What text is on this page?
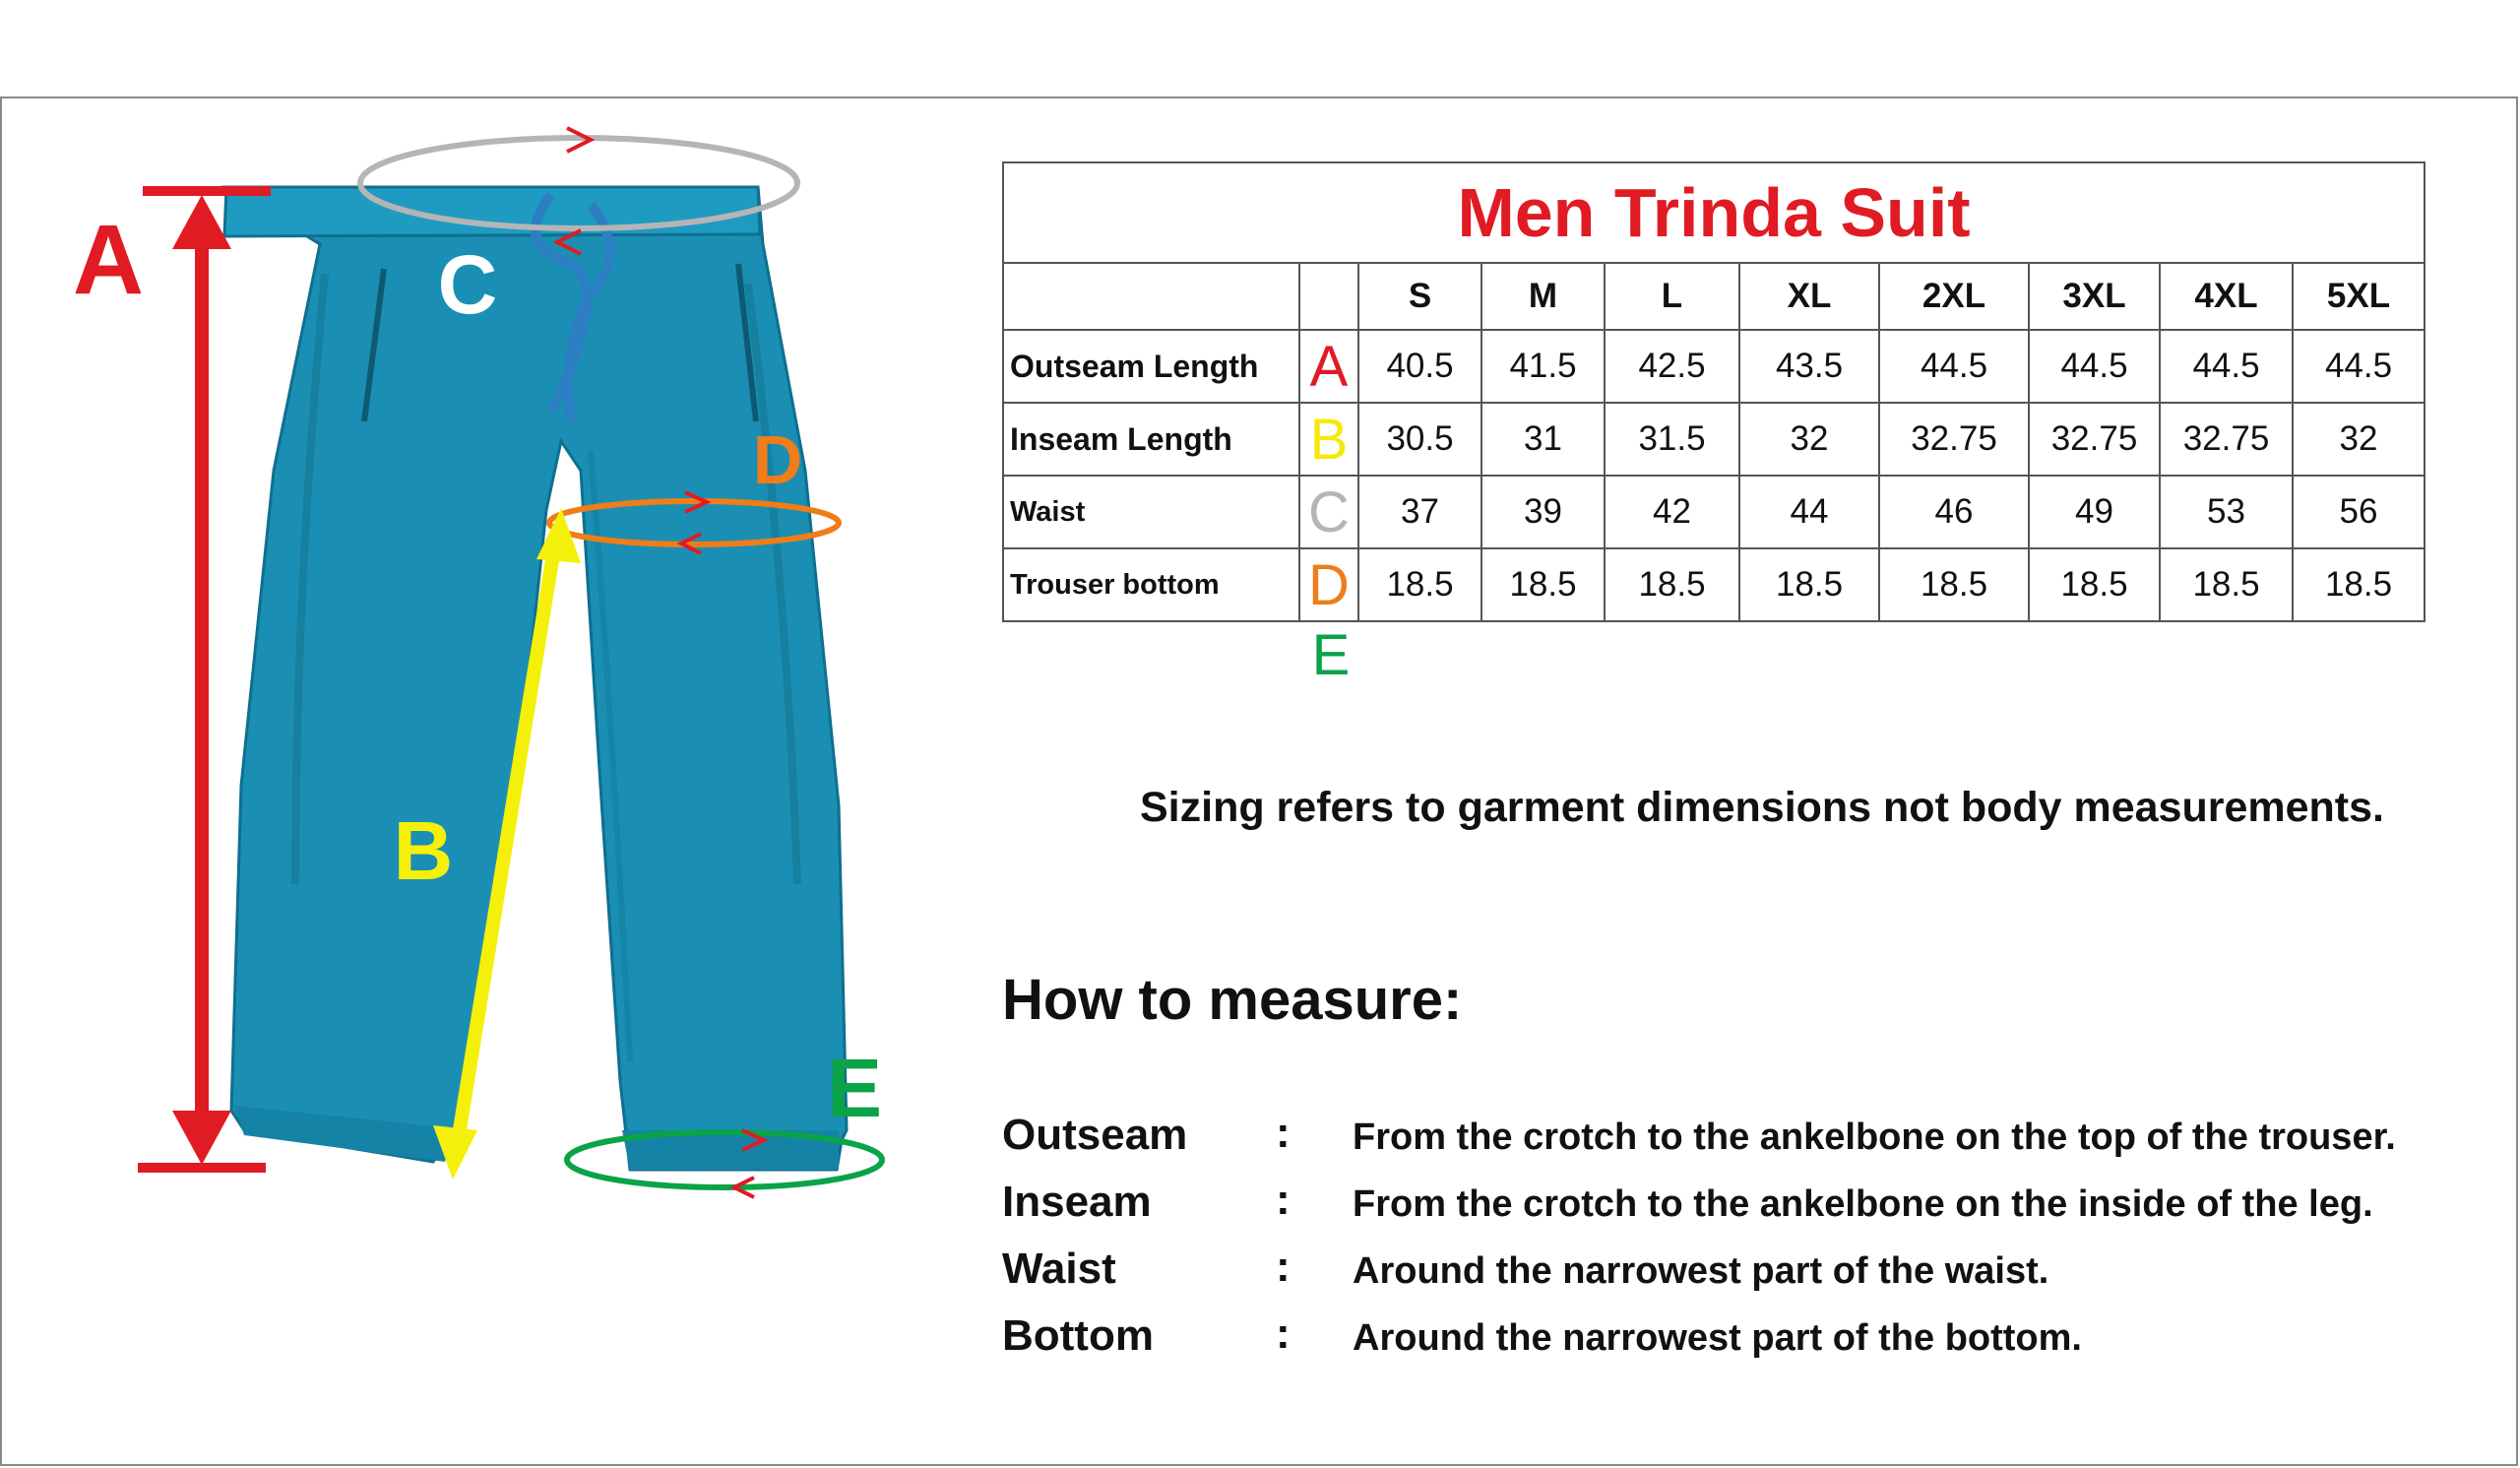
A	C
D
B
E
Men Trinda Suit									
		S	M	L	XL	2XL	3XL	4XL	5XL
Outseam Length	A	40.5	41.5	42.5	43.5	44.5	44.5	44.5	44.5
Inseam Length	B	30.5	31	31.5	32	32.75	32.75	32.75	32
Waist	C	37	39	42	44	46	49	53	56
Trouser bottom	D	18.5	18.5	18.5	18.5	18.5	18.5	18.5	18.5
E
Sizing refers to garment dimensions not body measurements.
How to measure:
Outseam : From the crotch to the ankelbone on the top of the trouser.
Inseam	: From the crotch to the ankelbone on the inside of the leg.
Waist	: Around the narrowest part of the waist.
Bottom	: Around the narrowest part of the bottom.
